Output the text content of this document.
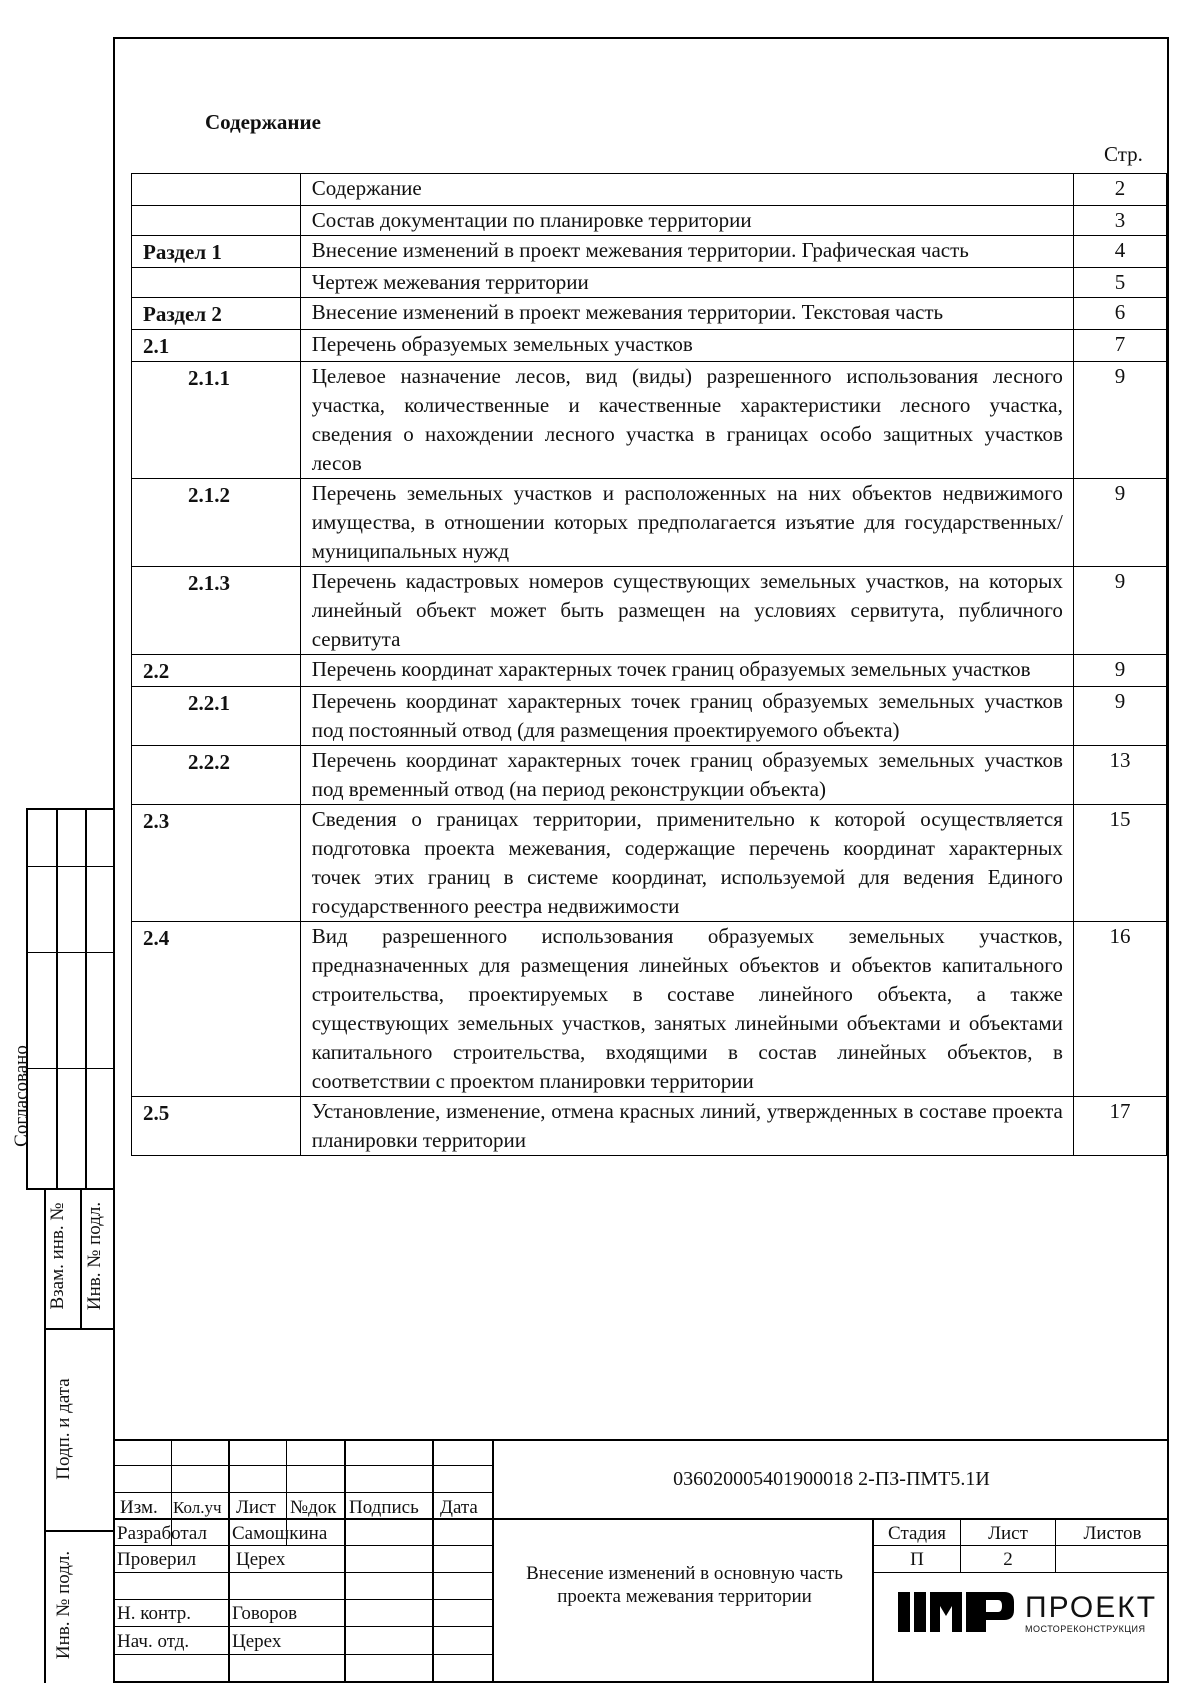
Содержание
Стр.
	Содержание	2
	Состав документации по планировке территории	3
Раздел 1	Внесение изменений в проект межевания территории. Графическая часть	4
	Чертеж межевания территории	5
Раздел 2	Внесение изменений в проект межевания территории. Текстовая часть	6
2.1	Перечень образуемых земельных участков	7
2.1.1	Целевое назначение лесов, вид (виды) разрешенного использования лесного участка, количественные и качественные характеристики лесного участка, сведения о нахождении лесного участка в границах особо защитных участков лесов	9
2.1.2	Перечень земельных участков и расположенных на них объектов недвижимого имущества, в отношении которых предполагается изъятие для государственных/муниципальных нужд	9
2.1.3	Перечень кадастровых номеров существующих земельных участков, на которых линейный объект может быть размещен на условиях сервитута, публичного сервитута	9
2.2	Перечень координат характерных точек границ образуемых земельных участков	9
2.2.1	Перечень координат характерных точек границ образуемых земельных участков под постоянный отвод (для размещения проектируемого объекта)	9
2.2.2	Перечень координат характерных точек границ образуемых земельных участков под временный отвод (на период реконструкции объекта)	13
2.3	Сведения о границах территории, применительно к которой осуществляется подготовка проекта межевания, содержащие перечень координат характерных точек этих границ в системе координат, используемой для ведения Единого государственного реестра недвижимости	15
2.4	Вид разрешенного использования образуемых земельных участков, предназначенных для размещения линейных объектов и объектов капитального строительства, проектируемых в составе линейного объекта, а также существующих земельных участков, занятых линейными объектами и объектами капитального строительства, входящими в состав линейных объектов, в соответствии с проектом планировки территории	16
2.5	Установление, изменение, отмена красных линий, утвержденных в составе проекта планировки территории	17
Согласовано
Взам. инв. № Инв. № подл.
Подп. и дата
Инв. № подл.
036020005401900018 2-ПЗ-ПМТ5.1И
Изм. Кол.уч Лист №док Подпись Дата
Разработал Самошкина
Проверил Церех
Н. контр. Говоров
Нач. отд. Церех
Внесение изменений в основную часть проекта межевания территории
Стадия	Лист	Листов
П	2
ПРОЕКТ
МОСТОРЕКОНСТРУКЦИЯ
